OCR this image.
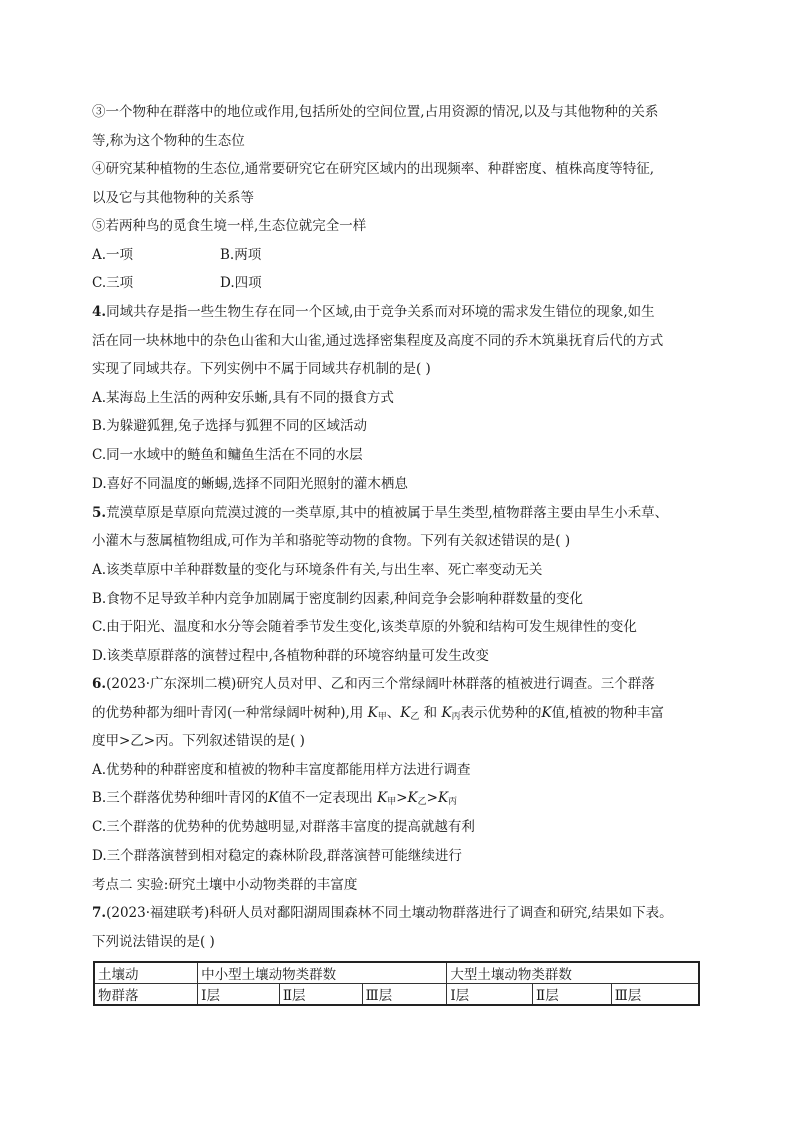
③一个物种在群落中的地位或作用,包括所处的空间位置,占用资源的情况,以及与其他物种的关系
等,称为这个物种的生态位
④研究某种植物的生态位,通常要研究它在研究区域内的出现频率、种群密度、植株高度等特征,
以及它与其他物种的关系等
⑤若两种鸟的觅食生境一样,生态位就完全一样
A.一项	B.两项
C.三项	D.四项
4.同域共存是指一些生物生存在同一个区域,由于竞争关系而对环境的需求发生错位的现象,如生
活在同一块林地中的杂色山雀和大山雀,通过选择密集程度及高度不同的乔木筑巢抚育后代的方式
实现了同域共存。下列实例中不属于同域共存机制的是( )
A.某海岛上生活的两种安乐蜥,具有不同的摄食方式
B.为躲避狐狸,兔子选择与狐狸不同的区域活动
C.同一水域中的鲢鱼和鳙鱼生活在不同的水层
D.喜好不同温度的蜥蜴,选择不同阳光照射的灌木栖息
5.荒漠草原是草原向荒漠过渡的一类草原,其中的植被属于旱生类型,植物群落主要由旱生小禾草、
小灌木与葱属植物组成,可作为羊和骆驼等动物的食物。下列有关叙述错误的是( )
A.该类草原中羊种群数量的变化与环境条件有关,与出生率、死亡率变动无关
B.食物不足导致羊种内竞争加剧属于密度制约因素,种间竞争会影响种群数量的变化
C.由于阳光、温度和水分等会随着季节发生变化,该类草原的外貌和结构可发生规律性的变化
D.该类草原群落的演替过程中,各植物种群的环境容纳量可发生改变
6.(2023·广东深圳二模)研究人员对甲、乙和丙三个常绿阔叶林群落的植被进行调查。三个群落
的优势种都为细叶青冈(一种常绿阔叶树种),用 $K_甲$、$K_乙$ 和 $K_丙$表示优势种的K值,植被的物种丰富
度甲>乙>丙。下列叙述错误的是( )
A.优势种的种群密度和植被的物种丰富度都能用样方法进行调查
B.三个群落优势种细叶青冈的K值不一定表现出 $K_甲>K_乙>K_丙$
C.三个群落的优势种的优势越明显,对群落丰富度的提高就越有利
D.三个群落演替到相对稳定的森林阶段,群落演替可能继续进行
考点二 实验:研究土壤中小动物类群的丰富度
7.(2023·福建联考)科研人员对鄱阳湖周围森林不同土壤动物群落进行了调查和研究,结果如下表。
下列说法错误的是( )
土壤动	中小型土壤动物类群数			大型土壤动物类群数		
物群落	Ⅰ层	Ⅱ层	Ⅲ层	Ⅰ层	Ⅱ层	Ⅲ层
